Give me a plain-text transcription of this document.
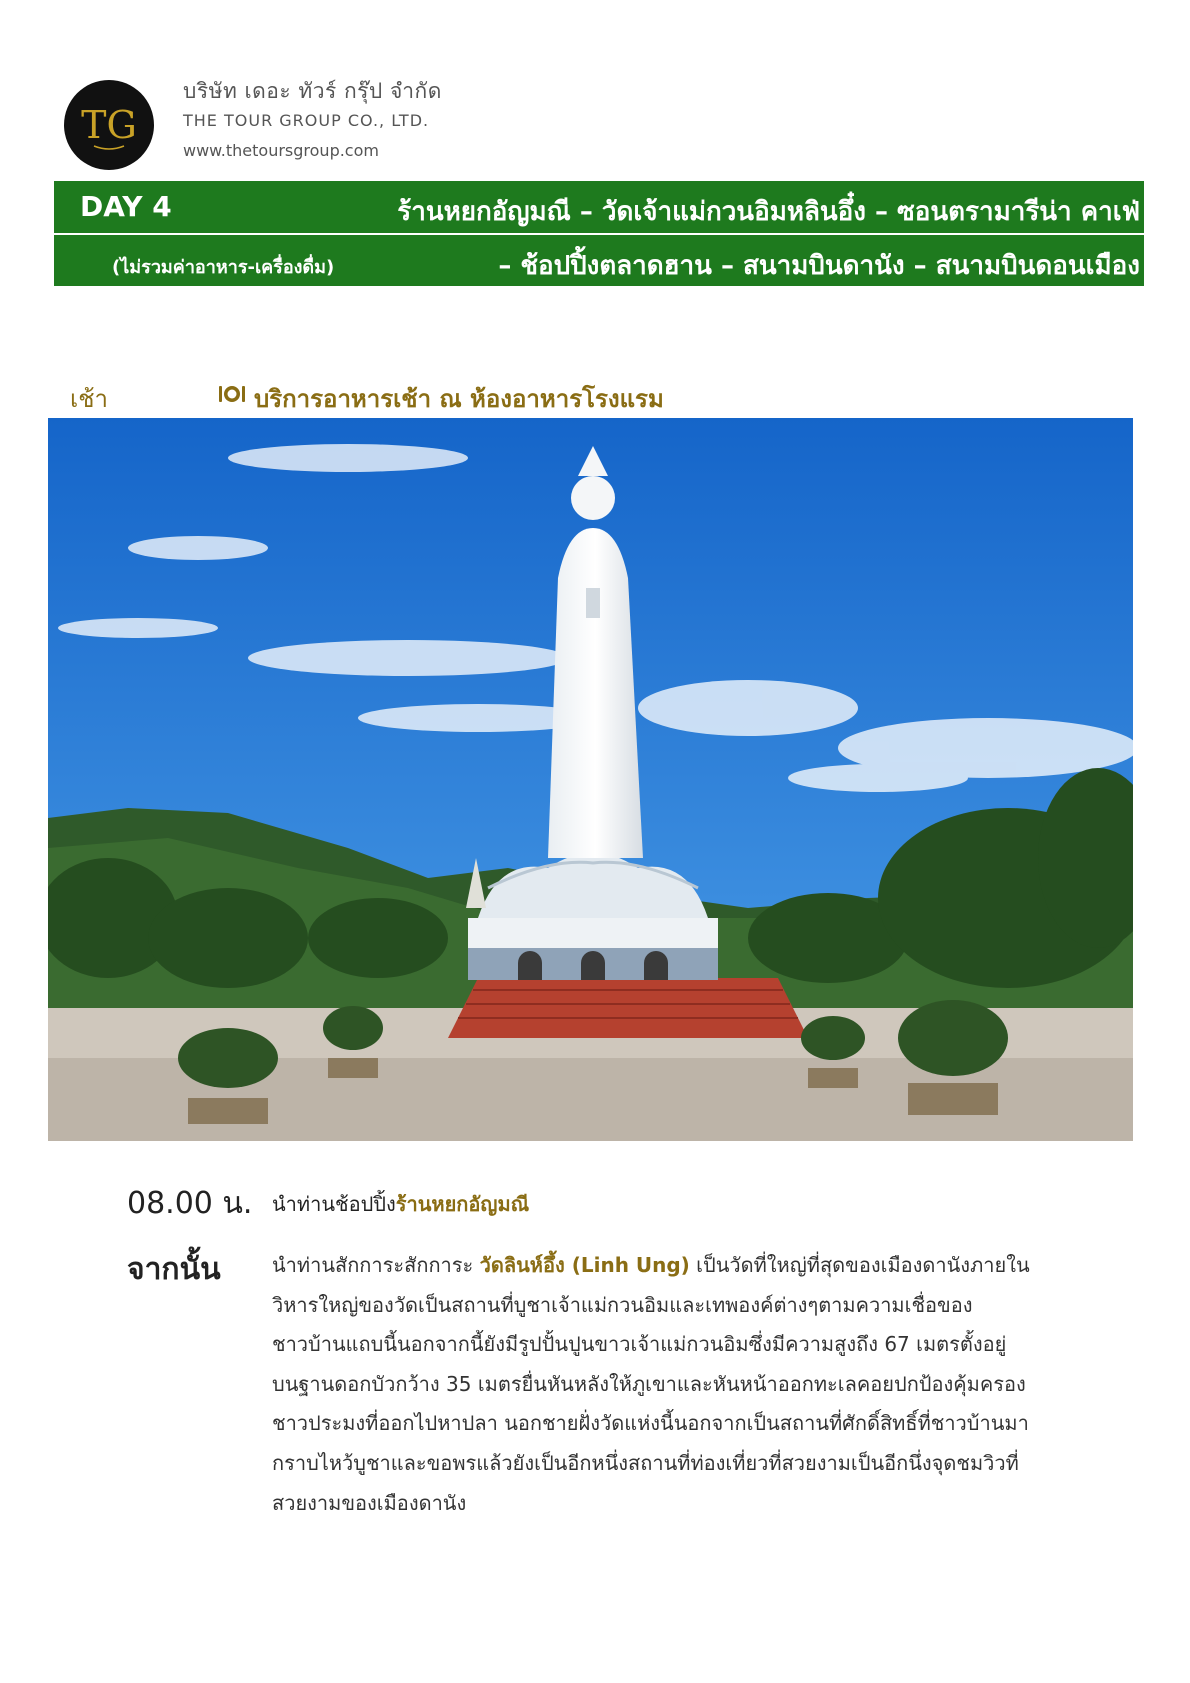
TG
บริษัท เดอะ ทัวร์ กรุ๊ป จำกัด
THE TOUR GROUP CO., LTD.
www.thetoursgroup.com
DAY 4	ร้านหยกอัญมณี – วัดเจ้าแม่กวนอิมหลินอึ๋ง – ซอนตรามารีน่า คาเฟ่
(ไม่รวมค่าอาหาร-เครื่องดื่ม)	– ช้อปปิ้งตลาดฮาน – สนามบินดานัง – สนามบินดอนเมือง
เช้า	บริการอาหารเช้า ณ ห้องอาหารโรงแรม
08.00 น. นำท่านช้อปปิ้งร้านหยกอัญมณี
จากนั้น	นำท่านสักการะสักการะ วัดลินห์อึ้ง (Linh Ung) เป็นวัดที่ใหญ่ที่สุดของเมืองดานังภายใน
วิหารใหญ่ของวัดเป็นสถานที่บูชาเจ้าแม่กวนอิมและเทพองค์ต่างๆตามความเชื่อของ
ชาวบ้านแถบนี้นอกจากนี้ยังมีรูปปั้นปูนขาวเจ้าแม่กวนอิมซึ่งมีความสูงถึง 67 เมตรตั้งอยู่
บนฐานดอกบัวกว้าง 35 เมตรยื่นหันหลังให้ภูเขาและหันหน้าออกทะเลคอยปกป้องคุ้มครอง
ชาวประมงที่ออกไปหาปลา นอกชายฝั่งวัดแห่งนี้นอกจากเป็นสถานที่ศักดิ์สิทธิ์ที่ชาวบ้านมา
กราบไหว้บูชาและขอพรแล้วยังเป็นอีกหนึ่งสถานที่ท่องเที่ยวที่สวยงามเป็นอีกนึ่งจุดชมวิวที่
สวยงามของเมืองดานัง
